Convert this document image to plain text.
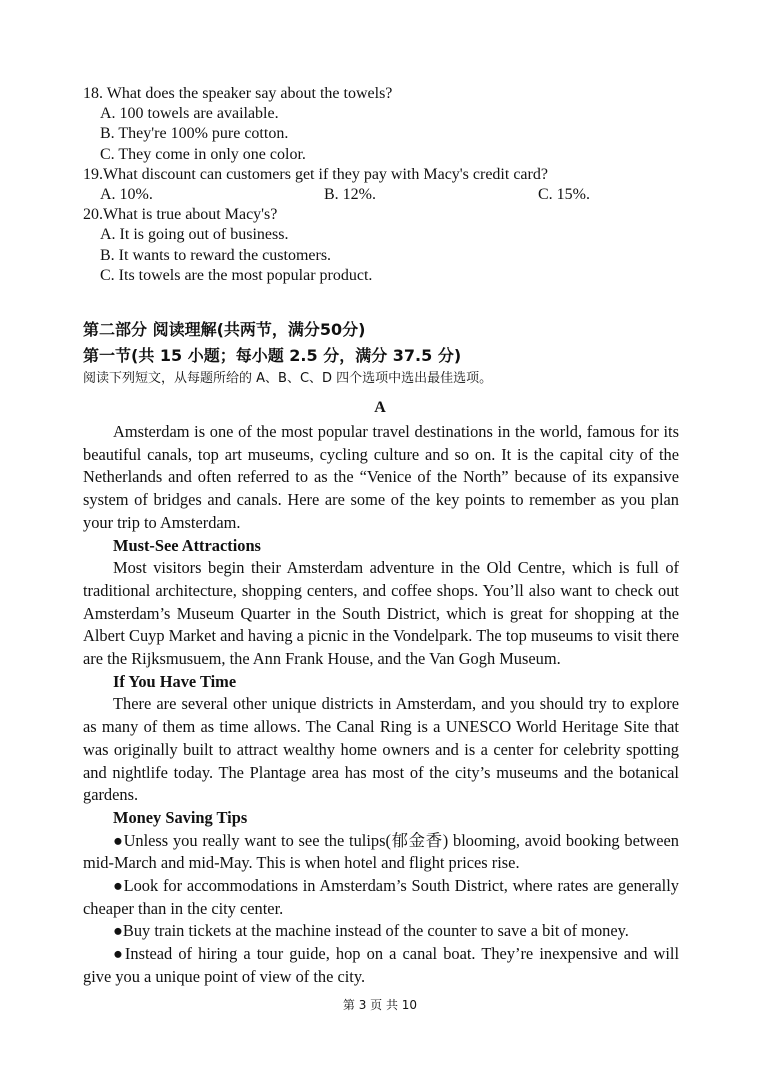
18. What does the speaker say about the towels?
A. 100 towels are available.
B. They're 100% pure cotton.
C. They come in only one color.
19.What discount can customers get if they pay with Macy's credit card?
A. 10%.	B. 12%.	C. 15%.
20.What is true about Macy's?
A. It is going out of business.
B. It wants to reward the customers.
C. Its towels are the most popular product.
第二部分 阅读理解(共两节，满分50分)
第一节(共 15 小题；每小题 2.5 分，满分 37.5 分)
阅读下列短文，从每题所给的 A、B、C、D 四个选项中选出最佳选项。
A

Amsterdam is one of the most popular travel destinations in the world, famous for its beautiful canals, top art museums, cycling culture and so on. It is the capital city of the Netherlands and often referred to as the “Venice of the North” because of its expansive system of bridges and canals. Here are some of the key points to remember as you plan your trip to Amsterdam.

Must-See Attractions

Most visitors begin their Amsterdam adventure in the Old Centre, which is full of traditional architecture, shopping centers, and coffee shops. You’ll also want to check out Amsterdam’s Museum Quarter in the South District, which is great for shopping at the Albert Cuyp Market and having a picnic in the Vondelpark. The top museums to visit there are the Rijksmusuem, the Ann Frank House, and the Van Gogh Museum.

If You Have Time

There are several other unique districts in Amsterdam, and you should try to explore as many of them as time allows. The Canal Ring is a UNESCO World Heritage Site that was originally built to attract wealthy home owners and is a center for celebrity spotting and nightlife today. The Plantage area has most of the city’s museums and the botanical gardens.

Money Saving Tips

●Unless you really want to see the tulips(郁金香) blooming, avoid booking between mid-March and mid-May. This is when hotel and flight prices rise.

●Look for accommodations in Amsterdam’s South District, where rates are generally cheaper than in the city center.

●Buy train tickets at the machine instead of the counter to save a bit of money.

●Instead of hiring a tour guide, hop on a canal boat. They’re inexpensive and will give you a unique point of view of the city.

第 3 页 共 10
